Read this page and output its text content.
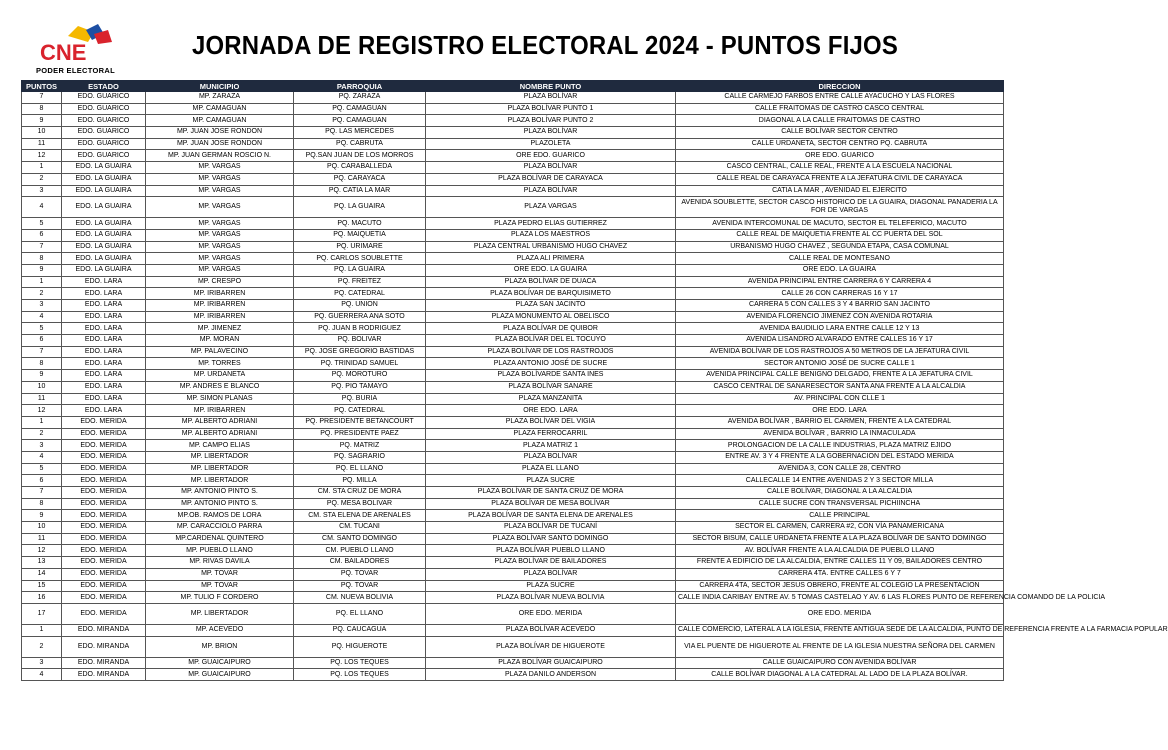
CNE
PODER ELECTORAL
JORNADA DE REGISTRO ELECTORAL 2024 - PUNTOS FIJOS
PUNTOS	ESTADO	MUNICIPIO	PARROQUIA	NOMBRE PUNTO	DIRECCION
7	EDO. GUARICO	MP. ZARAZA	PQ. ZARAZA	PLAZA BOLÍVAR	CALLE CARMEJO FARBOS ENTRE CALLE AYACUCHO Y LAS FLORES
8	EDO. GUARICO	MP. CAMAGUAN	PQ. CAMAGUAN	PLAZA BOLÍVAR PUNTO 1	CALLE FRAITOMAS DE CASTRO CASCO CENTRAL
9	EDO. GUARICO	MP. CAMAGUAN	PQ. CAMAGUAN	PLAZA BOLÍVAR PUNTO 2	DIAGONAL A LA CALLE FRAITOMAS DE CASTRO
10	EDO. GUARICO	MP. JUAN JOSE RONDON	PQ. LAS MERCEDES	PLAZA BOLÍVAR	CALLE BOLÍVAR SECTOR CENTRO
11	EDO. GUARICO	MP. JUAN JOSE RONDON	PQ. CABRUTA	PLAZOLETA	CALLE URDANETA, SECTOR CENTRO PQ. CABRUTA
12	EDO. GUARICO	MP. JUAN GERMAN ROSCIO N.	PQ.SAN JUAN DE LOS MORROS	ORE EDO. GUARICO	ORE EDO. GUARICO
1	EDO. LA GUAIRA	MP. VARGAS	PQ. CARABALLEDA	PLAZA BOLÍVAR	CASCO CENTRAL, CALLE REAL, FRENTE A LA ESCUELA NACIONAL
2	EDO. LA GUAIRA	MP. VARGAS	PQ. CARAYACA	PLAZA BOLÍVAR DE CARAYACA	CALLE REAL DE CARAYACA FRENTE A LA JEFATURA CIVIL DE CARAYACA
3	EDO. LA GUAIRA	MP. VARGAS	PQ. CATIA LA MAR	PLAZA BOLÍVAR	CATIA LA MAR , AVENIDAD EL EJERCITO
4	EDO. LA GUAIRA	MP. VARGAS	PQ. LA GUAIRA	PLAZA VARGAS	AVENIDA SOUBLETTE, SECTOR CASCO HISTORICO DE LA GUAIRA, DIAGONAL PANADERIA LA FOR DE VARGAS
5	EDO. LA GUAIRA	MP. VARGAS	PQ. MACUTO	PLAZA PEDRO ELIAS GUTIERREZ	AVENIDA INTERCOMUNAL DE MACUTO, SECTOR EL TELEFERICO, MACUTO
6	EDO. LA GUAIRA	MP. VARGAS	PQ. MAIQUETIA	PLAZA LOS MAESTROS	CALLE REAL DE MAIQUETIA FRENTE AL CC PUERTA DEL SOL
7	EDO. LA GUAIRA	MP. VARGAS	PQ. URIMARE	PLAZA CENTRAL URBANISMO HUGO CHAVEZ	URBANISMO HUGO CHAVEZ , SEGUNDA ETAPA, CASA COMUNAL
8	EDO. LA GUAIRA	MP. VARGAS	PQ. CARLOS SOUBLETTE	PLAZA ALI PRIMERA	CALLE REAL DE MONTESANO
9	EDO. LA GUAIRA	MP. VARGAS	PQ. LA GUAIRA	ORE EDO. LA GUAIRA	ORE EDO. LA GUAIRA
1	EDO. LARA	MP. CRESPO	PQ. FREITEZ	PLAZA BOLÍVAR DE DUACA	AVENIDA PRINCIPAL ENTRE CARRERA 6 Y CARRERA 4
2	EDO. LARA	MP. IRIBARREN	PQ. CATEDRAL	PLAZA BOLÍVAR DE BARQUISIMETO	CALLE 26 CON CARRERAS 16 Y 17
3	EDO. LARA	MP. IRIBARREN	PQ. UNION	PLAZA SAN JACINTO	CARRERA 5 CON CALLES 3 Y 4 BARRIO SAN JACINTO
4	EDO. LARA	MP. IRIBARREN	PQ. GUERRERA ANA SOTO	PLAZA MONUMENTO AL OBELISCO	AVENIDA FLORENCIO JIMENEZ CON AVENIDA ROTARIA
5	EDO. LARA	MP. JIMENEZ	PQ. JUAN B RODRIGUEZ	PLAZA BOLÍVAR DE QUIBOR	AVENIDA BAUDILIO LARA ENTRE CALLE 12 Y 13
6	EDO. LARA	MP. MORAN	PQ. BOLIVAR	PLAZA BOLÍVAR DEL EL TOCUYO	AVENIDA LISANDRO ALVARADO ENTRE CALLES 16 Y 17
7	EDO. LARA	MP. PALAVECINO	PQ. JOSE GREGORIO BASTIDAS	PLAZA BOLÍVAR DE LOS RASTROJOS	AVENIDA BOLÍVAR DE LOS RASTROJOS A 50 METROS DE LA JEFATURA CIVIL
8	EDO. LARA	MP. TORRES	PQ. TRINIDAD SAMUEL	PLAZA ANTONIO JOSÉ DE SUCRE	SECTOR ANTONIO JOSÉ DE SUCRE CALLE 1
9	EDO. LARA	MP. URDANETA	PQ. MOROTURO	PLAZA BOLÍVARDE SANTA INES	AVENIDA PRINCIPAL CALLE BENIGNO DELGADO, FRENTE A LA JEFATURA CIVIL
10	EDO. LARA	MP. ANDRES E BLANCO	PQ. PIO TAMAYO	PLAZA BOLÍVAR SANARE	CASCO CENTRAL DE SANARESECTOR SANTA ANA FRENTE A LA ALCALDIA
11	EDO. LARA	MP. SIMON PLANAS	PQ. BURIA	PLAZA MANZANITA	AV. PRINCIPAL CON CLLE 1
12	EDO. LARA	MP. IRIBARREN	PQ. CATEDRAL	ORE EDO. LARA	ORE EDO. LARA
1	EDO. MERIDA	MP. ALBERTO ADRIANI	PQ. PRESIDENTE BETANCOURT	PLAZA BOLÍVAR DEL VIGIA	AVENIDA BOLÍVAR , BARRIO EL CARMEN, FRENTE A LA CATEDRAL
2	EDO. MERIDA	MP. ALBERTO ADRIANI	PQ. PRESIDENTE PAEZ	PLAZA FERROCARRIL	AVENIDA BOLÍVAR , BARRIO LA INMACULADA
3	EDO. MERIDA	MP. CAMPO ELIAS	PQ. MATRIZ	PLAZA MATRIZ 1	PROLONGACION DE LA CALLE INDUSTRIAS, PLAZA MATRIZ EJIDO
4	EDO. MERIDA	MP. LIBERTADOR	PQ. SAGRARIO	PLAZA BOLÍVAR	ENTRE AV. 3 Y 4 FRENTE A LA GOBERNACION DEL ESTADO MERIDA
5	EDO. MERIDA	MP. LIBERTADOR	PQ. EL LLANO	PLAZA EL LLANO	AVENIDA 3, CON CALLE 28, CENTRO
6	EDO. MERIDA	MP. LIBERTADOR	PQ. MILLA	PLAZA SUCRE	CALLECALLE 14 ENTRE AVENIDAS 2 Y 3 SECTOR MILLA
7	EDO. MERIDA	MP. ANTONIO PINTO S.	CM. STA CRUZ DE MORA	PLAZA BOLÍVAR DE SANTA CRUZ DE MORA	CALLE BOLÍVAR, DIAGONAL A LA ALCALDIA
8	EDO. MERIDA	MP. ANTONIO PINTO S.	PQ. MESA BOLIVAR	PLAZA BOLÍVAR DE MESA BOLÍVAR	CALLE SUCRE CON TRANSVERSAL PICHIINCHA
9	EDO. MERIDA	MP.OB. RAMOS DE LORA	CM. STA ELENA DE ARENALES	PLAZA BOLÍVAR DE SANTA ELENA DE ARENALES	CALLE PRINCIPAL
10	EDO. MERIDA	MP. CARACCIOLO PARRA	CM. TUCANI	PLAZA BOLÍVAR DE TUCANÍ	SECTOR EL CARMEN, CARRERA #2, CON VÍA PANAMERICANA
11	EDO. MERIDA	MP.CARDENAL QUINTERO	CM. SANTO DOMINGO	PLAZA BOLÍVAR SANTO DOMINGO	SECTOR BISUM, CALLE URDANETA FRENTE A LA PLAZA BOLÍVAR DE SANTO DOMINGO
12	EDO. MERIDA	MP. PUEBLO LLANO	CM. PUEBLO LLANO	PLAZA BOLÍVAR PUEBLO LLANO	AV. BOLÍVAR FRENTE A LA ALCALDIA DE PUEBLO LLANO
13	EDO. MERIDA	MP. RIVAS DAVILA	CM. BAILADORES	PLAZA BOLÍVAR DE BAILADORES	FRENTE A EDIFICIO DE LA ALCALDIA, ENTRE CALLES 11 Y 09, BAILADORES CENTRO
14	EDO. MERIDA	MP. TOVAR	PQ. TOVAR	PLAZA BOLÍVAR	CARRERA 4TA. ENTRE CALLES 6 Y 7
15	EDO. MERIDA	MP. TOVAR	PQ. TOVAR	PLAZA SUCRE	CARRERA 4TA, SECTOR JESUS OBRERO, FRENTE AL COLEGIO LA PRESENTACION
16	EDO. MERIDA	MP. TULIO F CORDERO	CM. NUEVA BOLIVIA	PLAZA BOLÍVAR NUEVA BOLIVIA	CALLE INDIA CARIBAY ENTRE AV. 5 TOMAS CASTELAO Y AV. 6 LAS FLORES PUNTO DE REFERENCIA COMANDO DE LA POLICIA
17	EDO. MERIDA	MP. LIBERTADOR	PQ. EL LLANO	ORE EDO. MERIDA	ORE EDO. MERIDA
1	EDO. MIRANDA	MP. ACEVEDO	PQ. CAUCAGUA	PLAZA BOLÍVAR ACEVEDO	CALLE COMERCIO, LATERAL A LA IGLESIA, FRENTE ANTIGUA SEDE DE LA ALCALDIA, PUNTO DE REFERENCIA FRENTE A LA FARMACIA POPULAR
2	EDO. MIRANDA	MP. BRION	PQ. HIGUEROTE	PLAZA BOLÍVAR DE HIGUEROTE	VIA EL PUENTE DE HIGUEROTE AL FRENTE DE LA IGLESIA NUESTRA SEÑORA DEL CARMEN
3	EDO. MIRANDA	MP. GUAICAIPURO	PQ. LOS TEQUES	PLAZA BOLÍVAR GUAICAIPURO	CALLE GUAICAIPURO CON AVENIDA BOLÍVAR
4	EDO. MIRANDA	MP. GUAICAIPURO	PQ. LOS TEQUES	PLAZA DANILO ANDERSON	CALLE BOLÍVAR DIAGONAL A LA CATEDRAL AL LADO DE LA PLAZA BOLÍVAR.
